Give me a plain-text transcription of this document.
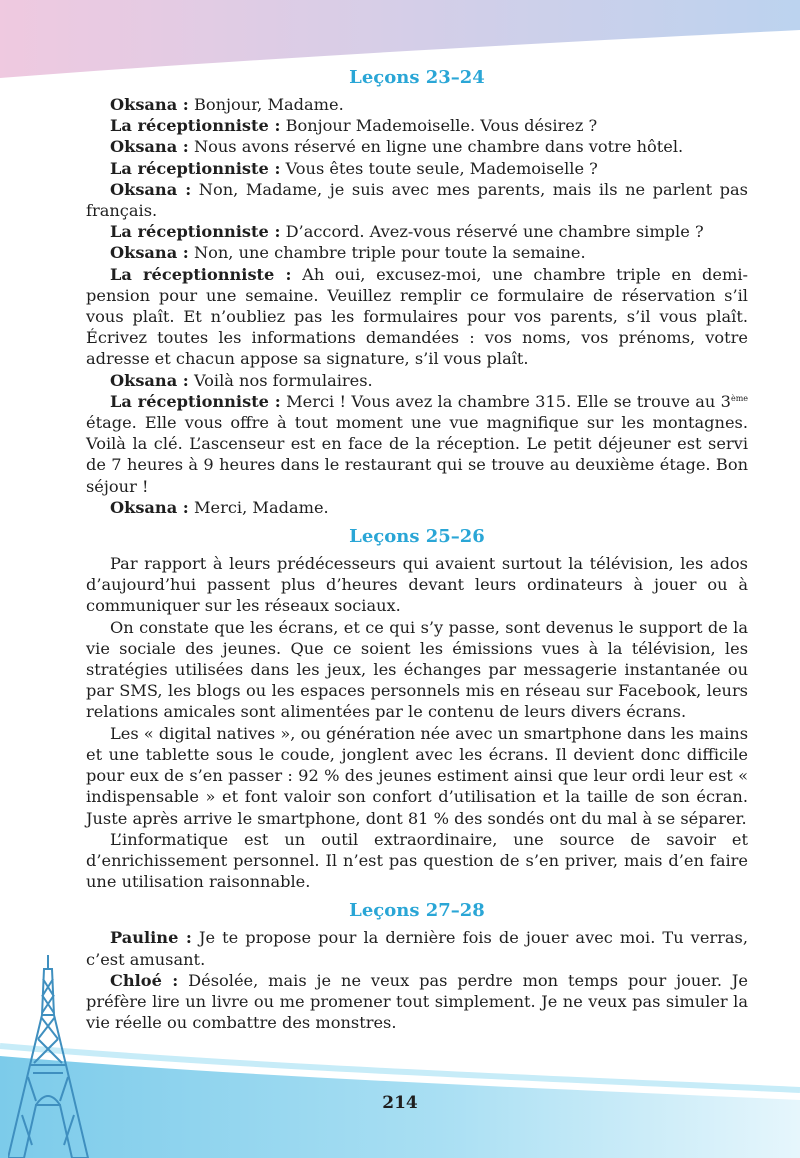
Leçons 23–24

Oksana : Bonjour, Madame.

La réceptionniste : Bonjour Mademoiselle. Vous désirez ?

Oksana : Nous avons réservé en ligne une chambre dans votre hôtel.

La réceptionniste : Vous êtes toute seule, Mademoiselle ?

Oksana : Non, Madame, je suis avec mes parents, mais ils ne parlent pas français.

La réceptionniste : D’accord. Avez-vous réservé une chambre simple ?

Oksana : Non, une chambre triple pour toute la semaine.

La réceptionniste : Ah oui, excusez-moi, une chambre triple en demi-pension pour une semaine. Veuillez remplir ce formulaire de réservation s’il vous plaît. Et n’oubliez pas les formulaires pour vos parents, s’il vous plaît. Écrivez toutes les informations demandées : vos noms, vos prénoms, votre adresse et chacun appose sa signature, s’il vous plaît.

Oksana : Voilà nos formulaires.

La réceptionniste : Merci ! Vous avez la chambre 315. Elle se trouve au 3ème étage. Elle vous offre à tout moment une vue magnifique sur les montagnes. Voilà la clé. L’ascenseur est en face de la réception. Le petit déjeuner est servi de 7 heures à 9 heures dans le restaurant qui se trouve au deuxième étage. Bon séjour !

Oksana : Merci, Madame.

Leçons 25–26

Par rapport à leurs prédécesseurs qui avaient surtout la télévision, les ados d’aujourd’hui passent plus d’heures devant leurs ordinateurs à jouer ou à communiquer sur les réseaux sociaux.

On constate que les écrans, et ce qui s’y passe, sont devenus le support de la vie sociale des jeunes. Que ce soient les émissions vues à la télévision, les stratégies utilisées dans les jeux, les échanges par messagerie instantanée ou par SMS, les blogs ou les espaces personnels mis en réseau sur Facebook, leurs relations amicales sont alimentées par le contenu de leurs divers écrans.

Les « digital natives », ou génération née avec un smartphone dans les mains et une tablette sous le coude, jonglent avec les écrans. Il devient donc difficile pour eux de s’en passer : 92 % des jeunes estiment ainsi que leur ordi leur est « indispensable » et font valoir son confort d’utilisation et la taille de son écran. Juste après arrive le smartphone, dont 81 % des sondés ont du mal à se séparer.

L’informatique est un outil extraordinaire, une source de savoir et d’enrichissement personnel. Il n’est pas question de s’en priver, mais d’en faire une utilisation raisonnable.

Leçons 27–28

Pauline : Je te propose pour la dernière fois de jouer avec moi. Tu verras, c’est amusant.

Chloé : Désolée, mais je ne veux pas perdre mon temps pour jouer. Je préfère lire un livre ou me promener tout simplement. Je ne veux pas simuler la vie réelle ou combattre des monstres.

214
